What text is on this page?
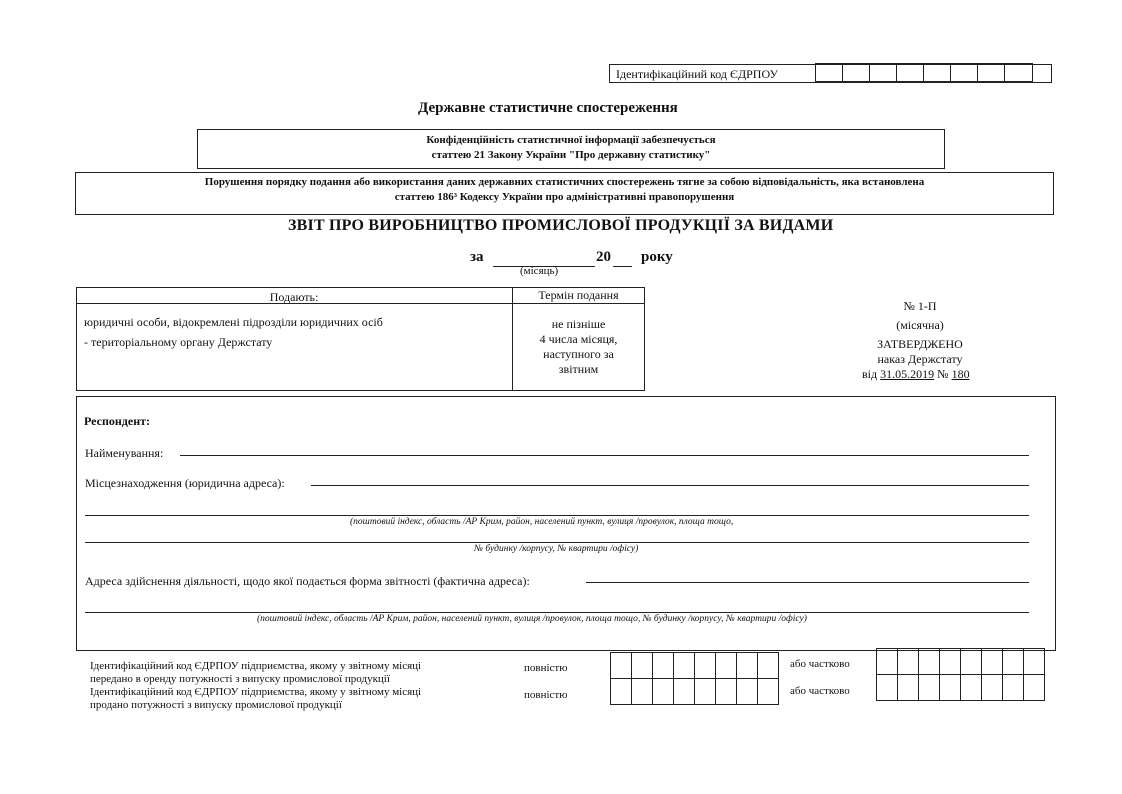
Ідентифікаційний код ЄДРПОУ
Державне статистичне спостереження
Конфіденційність статистичної інформації забезпечується
статтею 21 Закону України "Про державну статистику"
Порушення порядку подання або використання даних державних статистичних спостережень тягне за собою відповідальність, яка встановлена
статтею 186³ Кодексу України про адміністративні правопорушення
ЗВІТ ПРО ВИРОБНИЦТВО ПРОМИСЛОВОЇ ПРОДУКЦІЇ ЗА ВИДАМИ
за	20 року
(місяць)
Подають:	Термін подання
юридичні особи, відокремлені підрозділи юридичних осіб
- територіальному органу Держстату
не пізніше
4 числа місяця,
наступного за
звітним
№ 1-П
(місячна)
ЗАТВЕРДЖЕНО
наказ Держстату
від 31.05.2019 № 180
Респондент:
Найменування:
Місцезнаходження (юридична адреса):
(поштовий індекс, область /АР Крим, район, населений пункт, вулиця /провулок, площа тощо,
№ будинку /корпусу, № квартири /офісу)
Адреса здійснення діяльності, щодо якої подається форма звітності (фактична адреса):
(поштовий індекс, область /АР Крим, район, населений пункт, вулиця /провулок, площа тощо, № будинку /корпусу, № квартири /офісу)
Ідентифікаційний код ЄДРПОУ підприємства, якому у звітному місяці
передано в оренду потужності з випуску промислової продукції
Ідентифікаційний код ЄДРПОУ підприємства, якому у звітному місяці
продано потужності з випуску промислової продукції
повністю
повністю
або частково
або частково
